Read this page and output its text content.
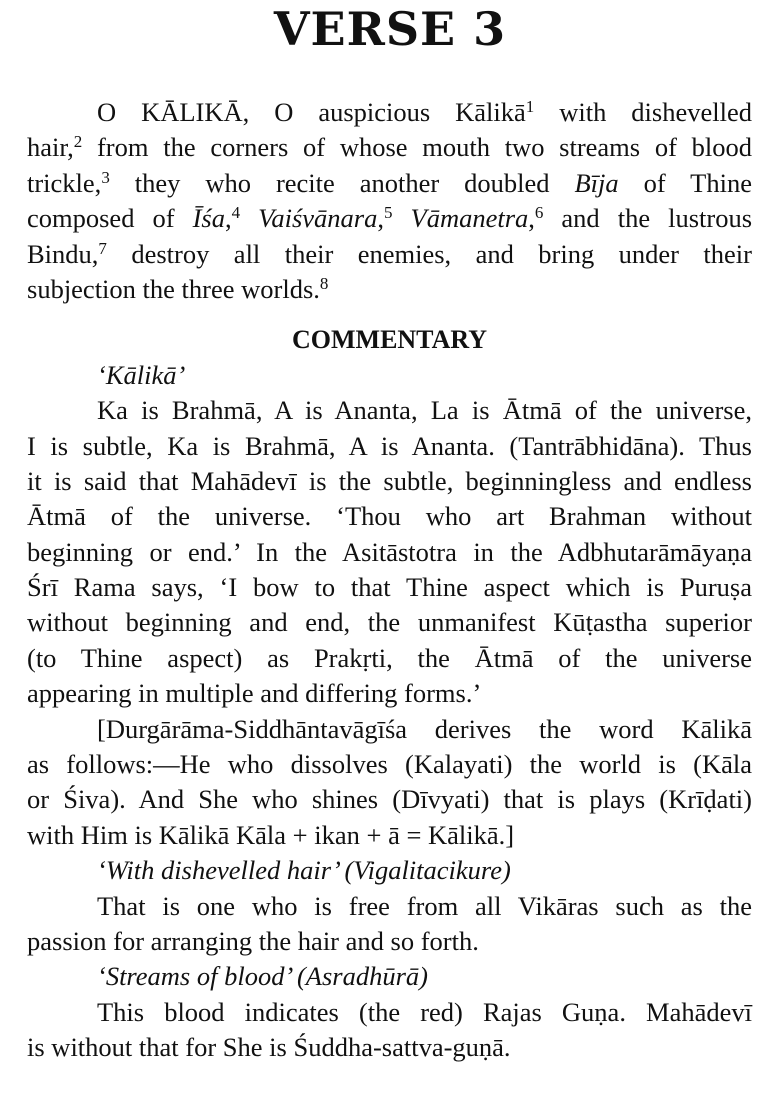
VERSE 3
O KĀLIKĀ, O auspicious Kālikā$^1$ with dishevelled
hair,$^2$ from the corners of whose mouth two streams of blood
trickle,$^3$ they who recite another doubled Bīja of Thine
composed of Īśa,$^4$ Vaiśvānara,$^5$ Vāmanetra,$^6$ and the lustrous
Bindu,$^7$ destroy all their enemies, and bring under their
subjection the three worlds.$^8$
COMMENTARY
‘Kālikā’
Ka is Brahmā, A is Ananta, La is Ātmā of the universe,
I is subtle, Ka is Brahmā, A is Ananta. (Tantrābhidāna). Thus
it is said that Mahādevī is the subtle, beginningless and endless
Ātmā of the universe. ‘Thou who art Brahman without
beginning or end.’ In the Asitāstotra in the Adbhutarāmāyaṇa
Śrī Rama says, ‘I bow to that Thine aspect which is Puruṣa
without beginning and end, the unmanifest Kūṭastha superior
(to Thine aspect) as Prakṛti, the Ātmā of the universe
appearing in multiple and differing forms.’
[Durgārāma-Siddhāntavāgīśa derives the word Kālikā
as follows:—He who dissolves (Kalayati) the world is (Kāla
or Śiva). And She who shines (Dīvyati) that is plays (Krīḍati)
with Him is Kālikā Kāla + ikan + ā = Kālikā.]
‘With dishevelled hair’ (Vigalitacikure)
That is one who is free from all Vikāras such as the
passion for arranging the hair and so forth.
‘Streams of blood’ (Asradhūrā)
This blood indicates (the red) Rajas Guṇa. Mahādevī
is without that for She is Śuddha-sattva-guṇā.
